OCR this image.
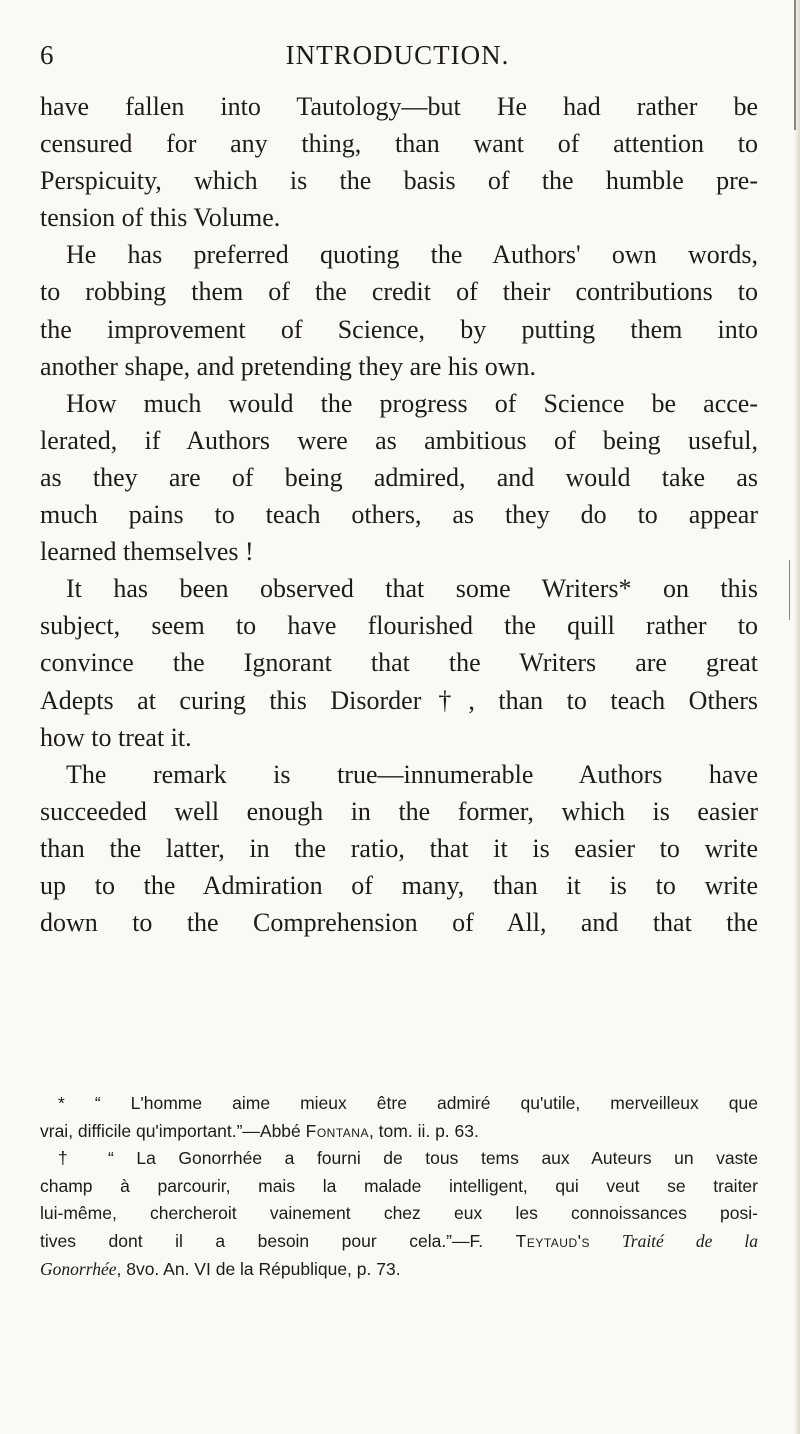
6	INTRODUCTION.
have fallen into Tautology—but He had rather be
censured for any thing, than want of attention to
Perspicuity, which is the basis of the humble pre-
tension of this Volume.
He has preferred quoting the Authors' own words,
to robbing them of the credit of their contributions to
the improvement of Science, by putting them into
another shape, and pretending they are his own.
How much would the progress of Science be acce-
lerated, if Authors were as ambitious of being useful,
as they are of being admired, and would take as
much pains to teach others, as they do to appear
learned themselves !
It has been observed that some Writers* on this
subject, seem to have flourished the quill rather to
convince the Ignorant that the Writers are great
Adepts at curing this Disorder†, than to teach Others
how to treat it.
The remark is true—innumerable Authors have
succeeded well enough in the former, which is easier
than the latter, in the ratio, that it is easier to write
up to the Admiration of many, than it is to write
down to the Comprehension of All, and that the
* “ L'homme aime mieux être admiré qu'utile, merveilleux que
vrai, difficile qu'important.”—Abbé Fontana, tom. ii. p. 63.
† “ La Gonorrhée a fourni de tous tems aux Auteurs un vaste
champ à parcourir, mais la malade intelligent, qui veut se traiter
lui-même, chercheroit vainement chez eux les connoissances posi-
tives dont il a besoin pour cela.”—F. Teytaud's Traité de la
Gonorrhée, 8vo. An. VI de la République, p. 73.
